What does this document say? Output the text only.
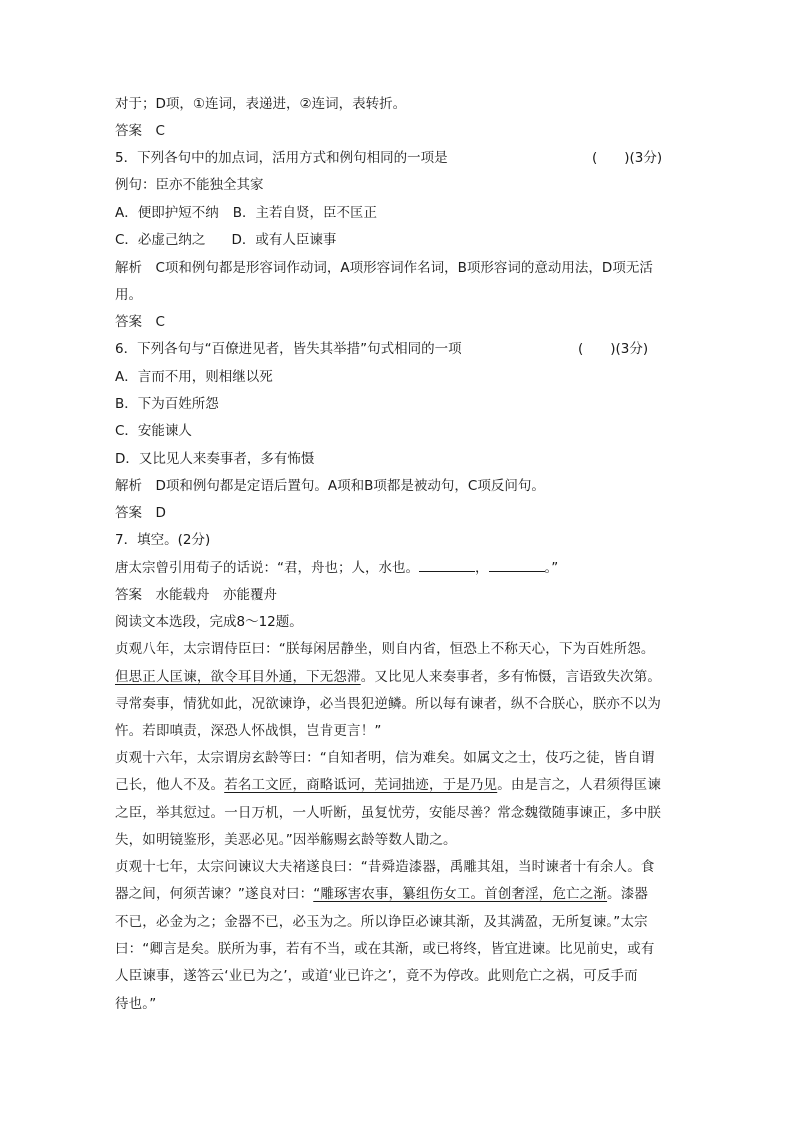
对于；D项，①连词，表递进，②连词，表转折。
答案　C
5．下列各句中的加点词，活用方式和例句相同的一项是	(　　)(3分)
例句：臣亦不能独全其家
A．便即护短不纳 B．主若自贤，臣不匡正
C．必虚己纳之 D．或有人臣谏事
解析　C项和例句都是形容词作动词，A项形容词作名词，B项形容词的意动用法，D项无活
用。
答案　C
6．下列各句与“百僚进见者，皆失其举措”句式相同的一项	(　　)(3分)
A．言而不用，则相继以死
B．下为百姓所怨
C．安能谏人
D．又比见人来奏事者，多有怖慑
解析　D项和例句都是定语后置句。A项和B项都是被动句，C项反问句。
答案　D
7．填空。(2分)
唐太宗曾引用荀子的话说：“君，舟也；人，水也。	，	。”
答案　水能载舟　亦能覆舟
阅读文本选段，完成8～12题。
贞观八年，太宗谓侍臣曰：“朕每闲居静坐，则自内省，恒恐上不称天心，下为百姓所怨。
但思正人匡谏，欲令耳目外通，下无怨滞。又比见人来奏事者，多有怖慑，言语致失次第。
寻常奏事，情犹如此，况欲谏诤，必当畏犯逆鳞。所以每有谏者，纵不合朕心，朕亦不以为
忤。若即嗔责，深恐人怀战惧，岂肯更言！”
贞观十六年，太宗谓房玄龄等曰：“自知者明，信为难矣。如属文之士，伎巧之徒，皆自谓
己长，他人不及。若名工文匠，商略诋诃，芜词拙迹，于是乃见。由是言之，人君须得匡谏
之臣，举其愆过。一日万机，一人听断，虽复忧劳，安能尽善？常念魏徵随事谏正，多中朕
失，如明镜鉴形，美恶必见。”因举觞赐玄龄等数人勖之。
贞观十七年，太宗问谏议大夫褚遂良曰：“昔舜造漆器，禹雕其俎，当时谏者十有余人。食
器之间，何须苦谏？”遂良对曰：“雕琢害农事，纂组伤女工。首创奢淫，危亡之渐。漆器
不已，必金为之；金器不已，必玉为之。所以诤臣必谏其渐，及其满盈，无所复谏。”太宗
曰：“卿言是矣。朕所为事，若有不当，或在其渐，或已将终，皆宜进谏。比见前史，或有
人臣谏事，遂答云‘业已为之’，或道‘业已许之’，竟不为停改。此则危亡之祸，可反手而
待也。”
